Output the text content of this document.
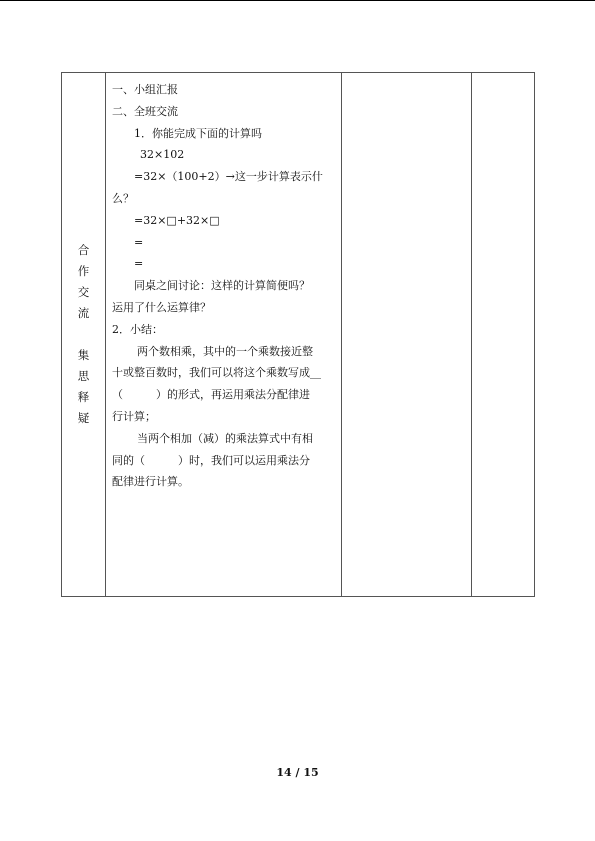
合
作
交
流
集
思
释
疑
一、小组汇报
二、全班交流
1．你能完成下面的计算吗
32×102
=32×（100+2）→这一步计算表示什
么？
=32×□+32×□
=
=
同桌之间讨论：这样的计算简便吗？
运用了什么运算律？
2．小结：
两个数相乘，其中的一个乘数接近整
十或整百数时，我们可以将这个乘数写成__
（　　　）的形式，再运用乘法分配律进
行计算；
当两个相加（减）的乘法算式中有相
同的（　　　）时，我们可以运用乘法分
配律进行计算。
14 / 15
